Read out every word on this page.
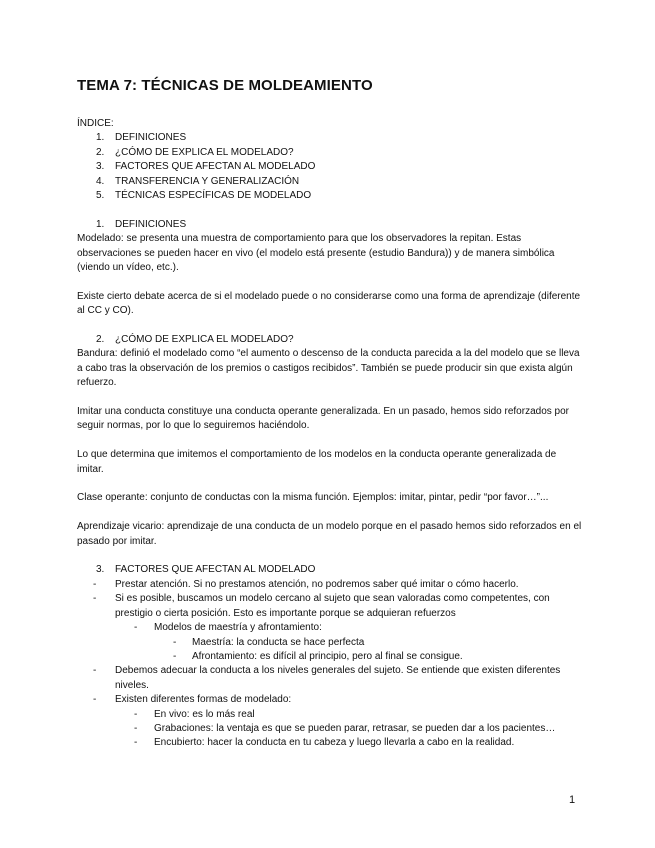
TEMA 7: TÉCNICAS DE MOLDEAMIENTO

ÍNDICE:

1. DEFINICIONES
2. ¿CÓMO DE EXPLICA EL MODELADO?
3. FACTORES QUE AFECTAN AL MODELADO
4. TRANSFERENCIA Y GENERALIZACIÓN
5. TÉCNICAS ESPECÍFICAS DE MODELADO
1. DEFINICIONES

Modelado: se presenta una muestra de comportamiento para que los observadores la repitan. Estas observaciones se pueden hacer en vivo (el modelo está presente (estudio Bandura)) y de manera simbólica (viendo un vídeo, etc.).

Existe cierto debate acerca de si el modelado puede o no considerarse como una forma de aprendizaje (diferente al CC y CO).

2. ¿CÓMO DE EXPLICA EL MODELADO?

Bandura: definió el modelado como “el aumento o descenso de la conducta parecida a la del modelo que se lleva a cabo tras la observación de los premios o castigos recibidos”. También se puede producir sin que exista algún refuerzo.

Imitar una conducta constituye una conducta operante generalizada. En un pasado, hemos sido reforzados por seguir normas, por lo que lo seguiremos haciéndolo.

Lo que determina que imitemos el comportamiento de los modelos en la conducta operante generalizada de imitar.

Clase operante: conjunto de conductas con la misma función. Ejemplos: imitar, pintar, pedir “por favor…”...

Aprendizaje vicario: aprendizaje de una conducta de un modelo porque en el pasado hemos sido reforzados en el pasado por imitar.

3. FACTORES QUE AFECTAN AL MODELADO
- Prestar atención. Si no prestamos atención, no podremos saber qué imitar o cómo hacerlo.
- Si es posible, buscamos un modelo cercano al sujeto que sean valoradas como competentes, con prestigio o cierta posición. Esto es importante porque se adquieran refuerzos
- Modelos de maestría y afrontamiento:
- Maestría: la conducta se hace perfecta
- Afrontamiento: es difícil al principio, pero al final se consigue.
- Debemos adecuar la conducta a los niveles generales del sujeto. Se entiende que existen diferentes niveles.
- Existen diferentes formas de modelado:
- En vivo: es lo más real
- Grabaciones: la ventaja es que se pueden parar, retrasar, se pueden dar a los pacientes…
- Encubierto: hacer la conducta en tu cabeza y luego llevarla a cabo en la realidad.
1
